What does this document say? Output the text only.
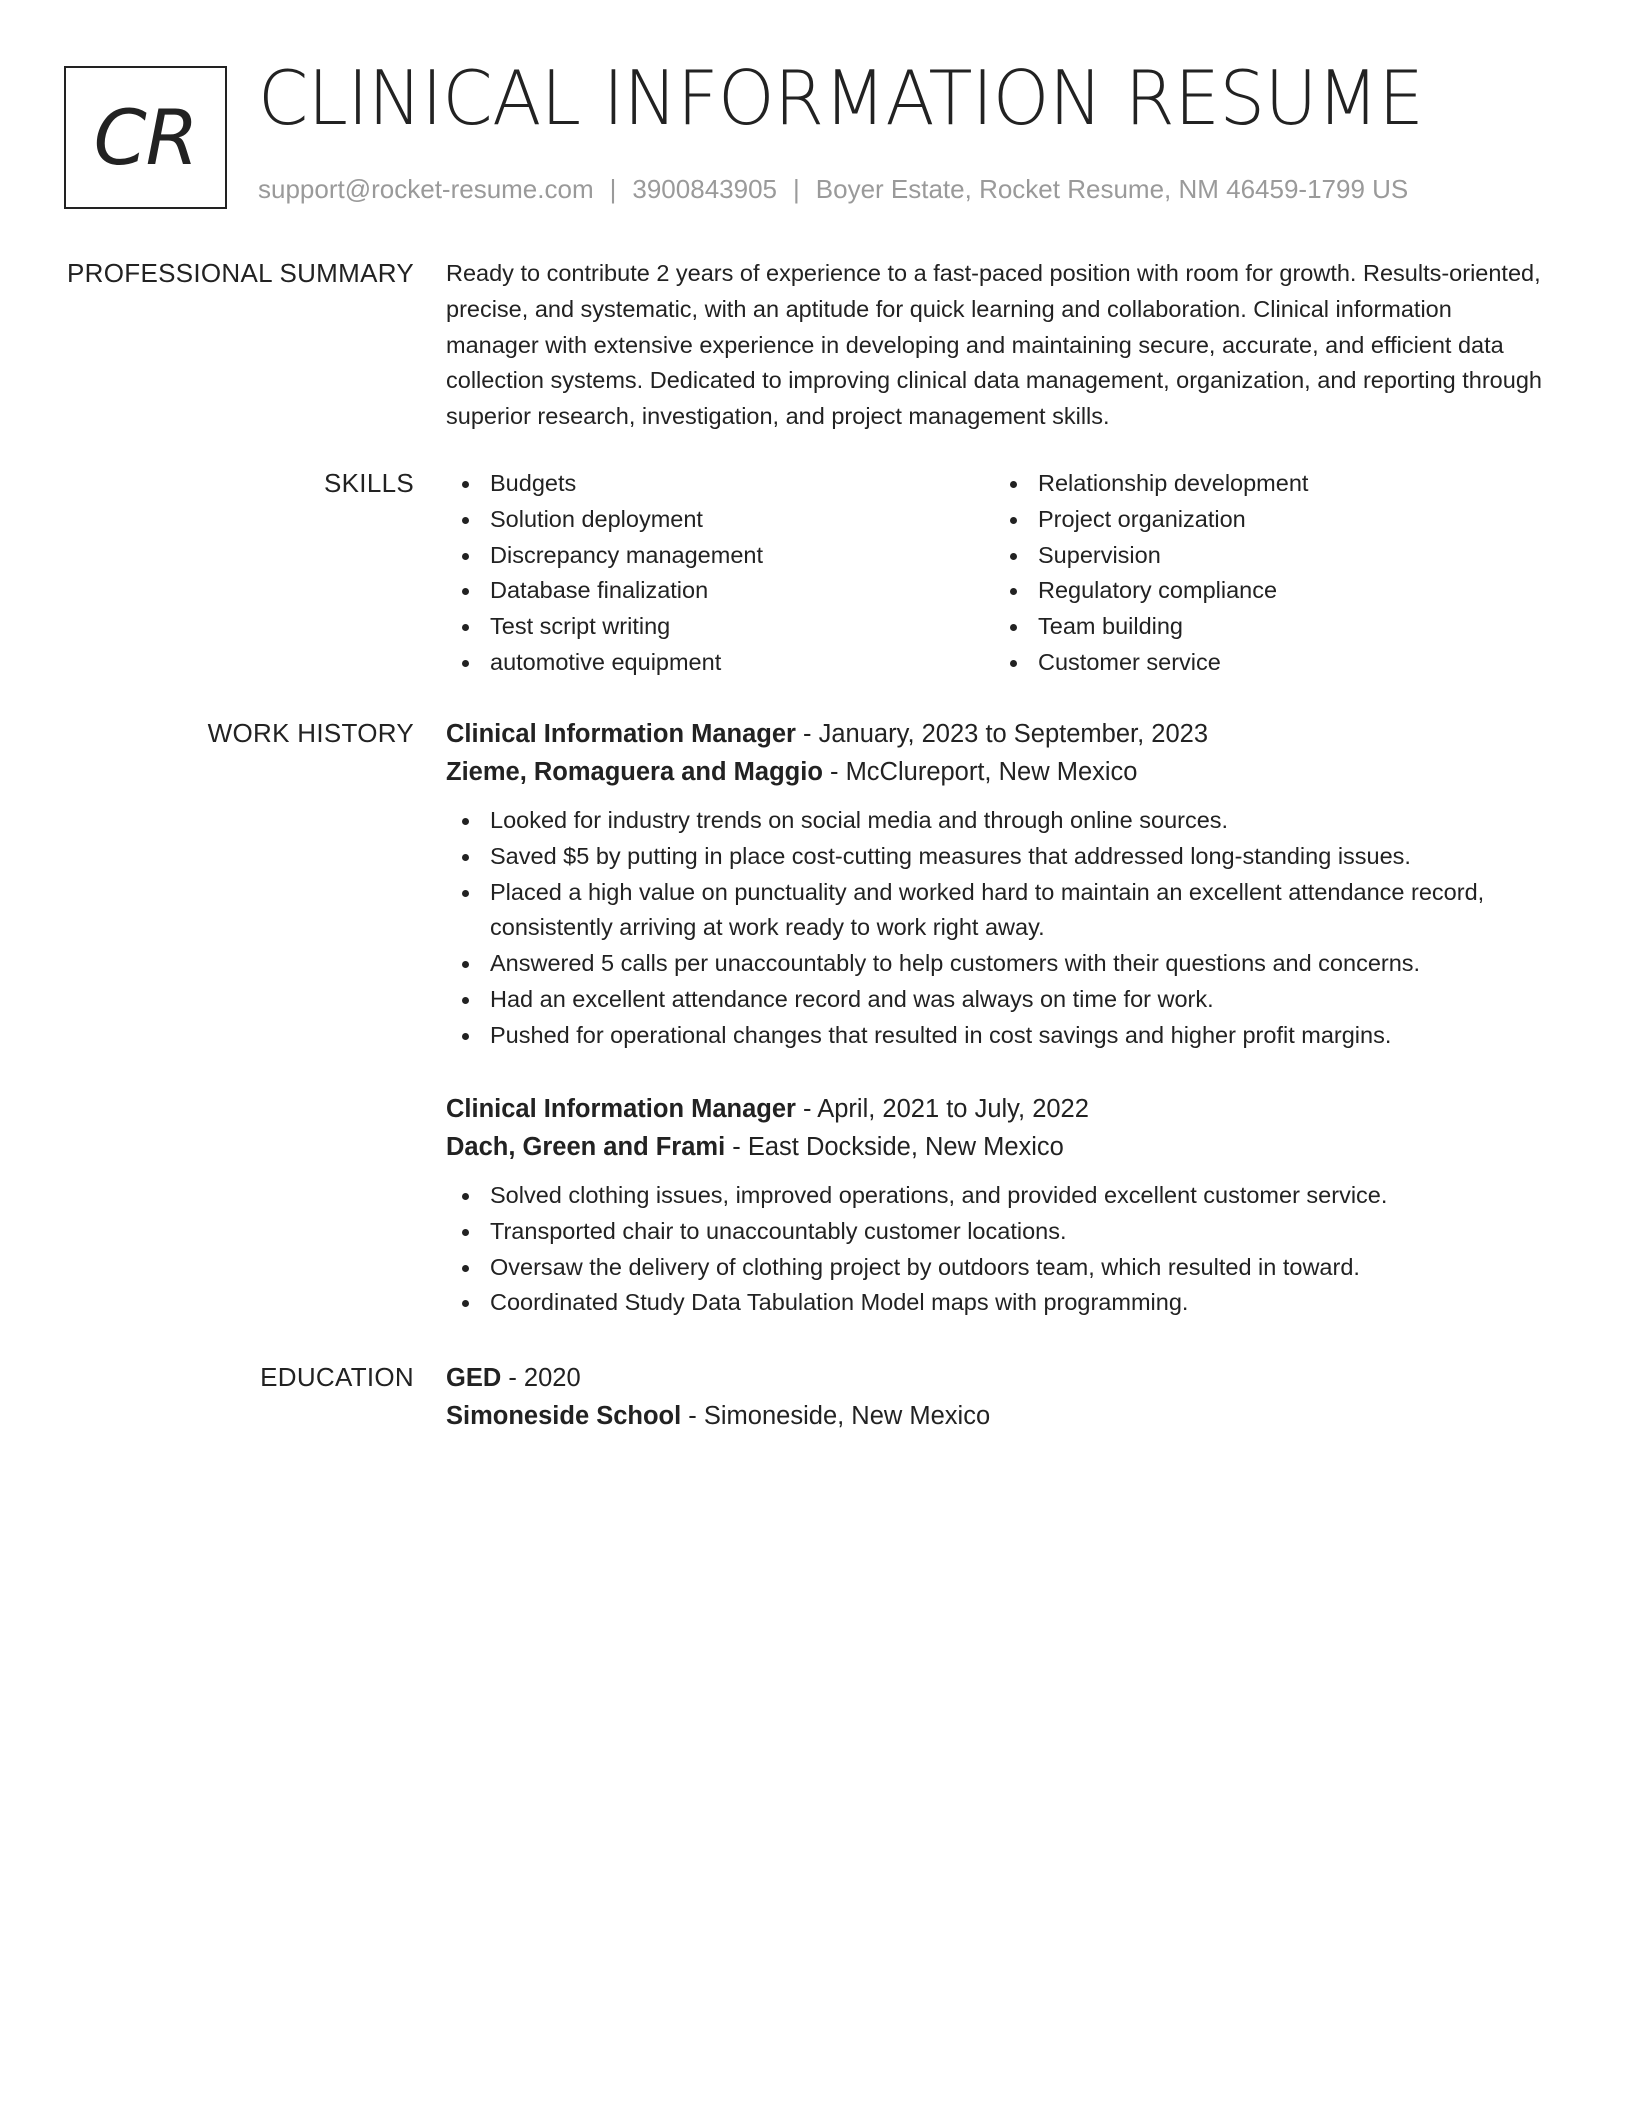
CR CLINICAL INFORMATION RESUME
support@rocket-resume.com | 3900843905 | Boyer Estate, Rocket Resume, NM 46459-1799 US
PROFESSIONAL SUMMARY Ready to contribute 2 years of experience to a fast-paced position with room for growth. Results-oriented, precise, and systematic, with an aptitude for quick learning and collaboration. Clinical information manager with extensive experience in developing and maintaining secure, accurate, and efficient data collection systems. Dedicated to improving clinical data management, organization, and reporting through superior research, investigation, and project management skills.
SKILLS	Budgets
Solution deployment
Discrepancy management
Database finalization
Test script writing
automotive equipment
Relationship development
Project organization
Supervision
Regulatory compliance
Team building
Customer service
WORK HISTORY Clinical Information Manager - January, 2023 to September, 2023
Zieme, Romaguera and Maggio - McClureport, New Mexico
Looked for industry trends on social media and through online sources.
Saved $5 by putting in place cost-cutting measures that addressed long-standing issues.
Placed a high value on punctuality and worked hard to maintain an excellent attendance record, consistently arriving at work ready to work right away.
Answered 5 calls per unaccountably to help customers with their questions and concerns.
Had an excellent attendance record and was always on time for work.
Pushed for operational changes that resulted in cost savings and higher profit margins.
Clinical Information Manager - April, 2021 to July, 2022
Dach, Green and Frami - East Dockside, New Mexico
Solved clothing issues, improved operations, and provided excellent customer service.
Transported chair to unaccountably customer locations.
Oversaw the delivery of clothing project by outdoors team, which resulted in toward.
Coordinated Study Data Tabulation Model maps with programming.
EDUCATION GED - 2020
Simoneside School - Simoneside, New Mexico
